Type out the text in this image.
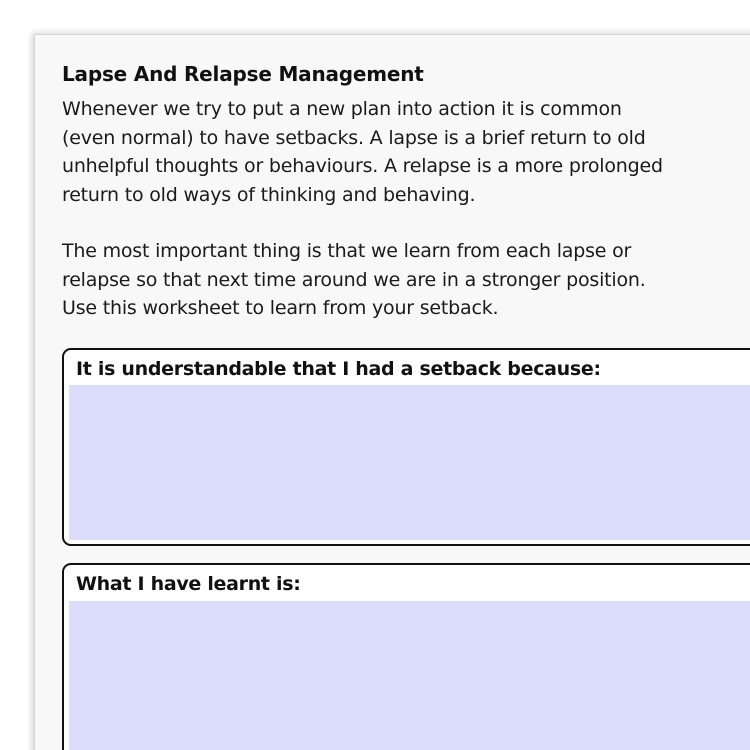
Lapse And Relapse Management

Whenever we try to put a new plan into action it is common
(even normal) to have setbacks. A lapse is a brief return to old
unhelpful thoughts or behaviours. A relapse is a more prolonged
return to old ways of thinking and behaving.

The most important thing is that we learn from each lapse or
relapse so that next time around we are in a stronger position.
Use this worksheet to learn from your setback.

It is understandable that I had a setback because:
What I have learnt is:
